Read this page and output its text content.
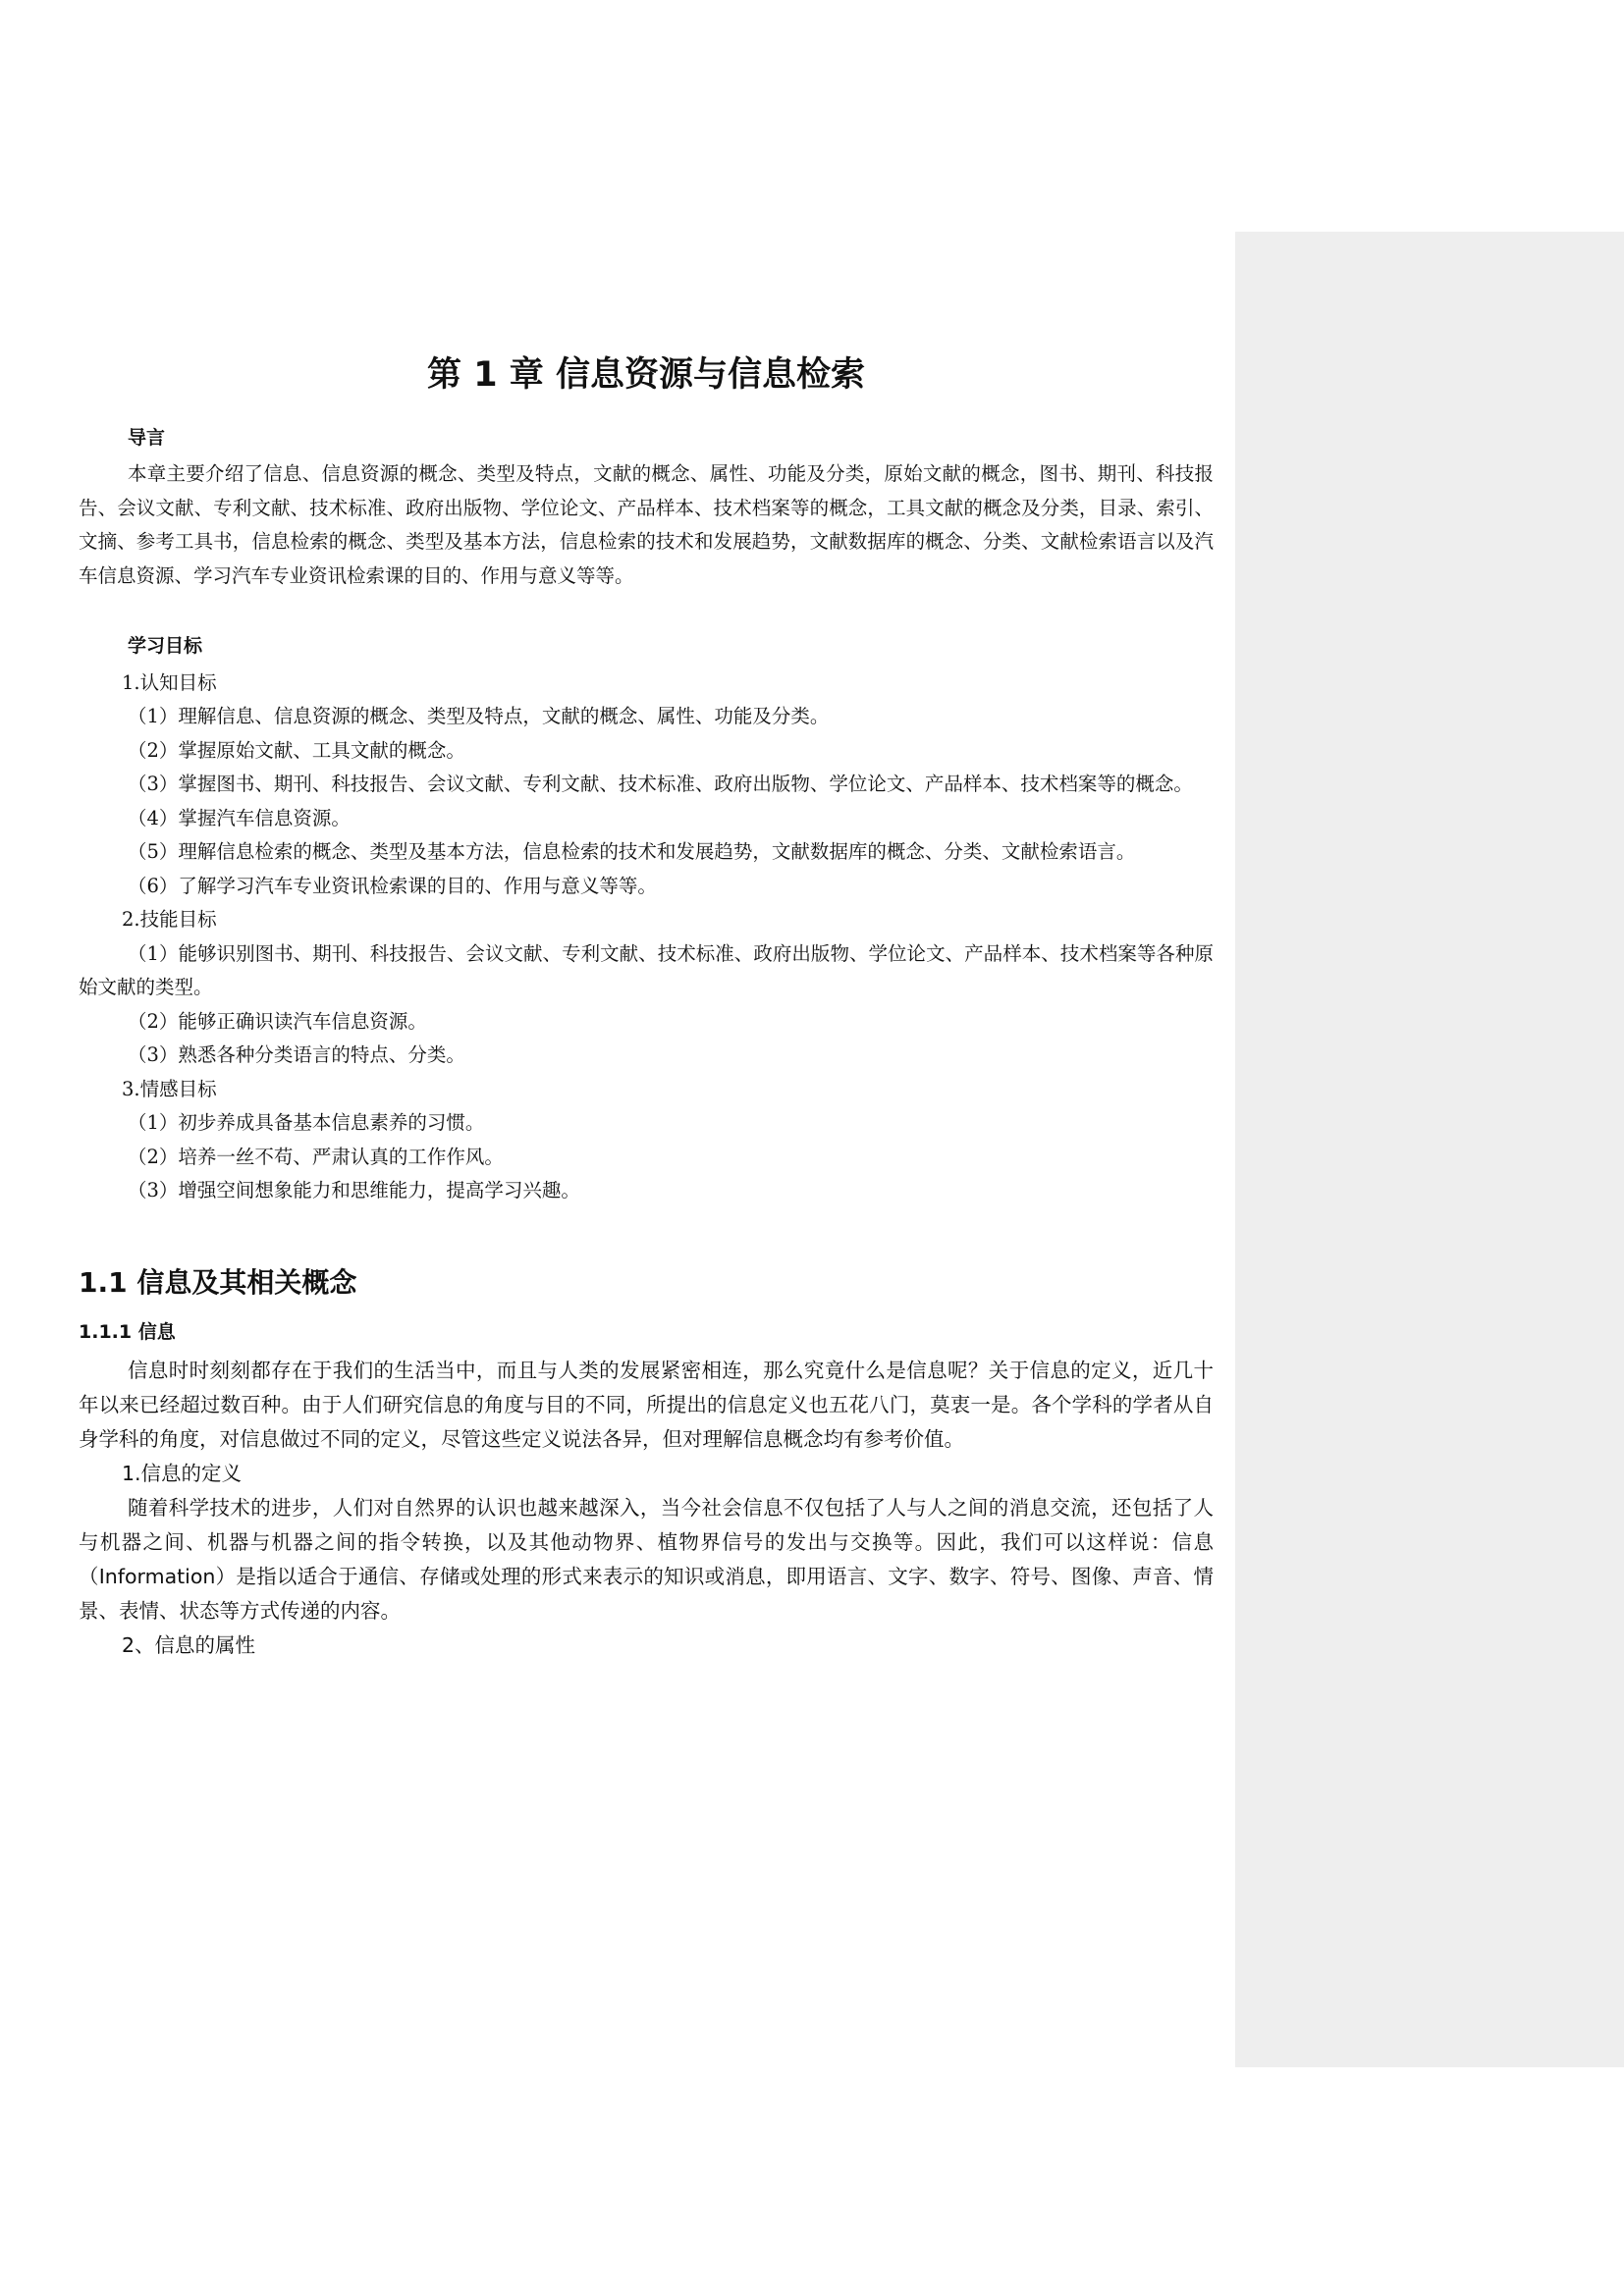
第 1 章 信息资源与信息检索
导言

本章主要介绍了信息、信息资源的概念、类型及特点，文献的概念、属性、功能及分类，原始文献的概念，图书、期刊、科技报告、会议文献、专利文献、技术标准、政府出版物、学位论文、产品样本、技术档案等的概念，工具文献的概念及分类，目录、索引、文摘、参考工具书，信息检索的概念、类型及基本方法，信息检索的技术和发展趋势，文献数据库的概念、分类、文献检索语言以及汽车信息资源、学习汽车专业资讯检索课的目的、作用与意义等等。

学习目标

1.认知目标

（1）理解信息、信息资源的概念、类型及特点，文献的概念、属性、功能及分类。

（2）掌握原始文献、工具文献的概念。

（3）掌握图书、期刊、科技报告、会议文献、专利文献、技术标准、政府出版物、学位论文、产品样本、技术档案等的概念。

（4）掌握汽车信息资源。

（5）理解信息检索的概念、类型及基本方法，信息检索的技术和发展趋势，文献数据库的概念、分类、文献检索语言。

（6）了解学习汽车专业资讯检索课的目的、作用与意义等等。

2.技能目标

（1）能够识别图书、期刊、科技报告、会议文献、专利文献、技术标准、政府出版物、学位论文、产品样本、技术档案等各种原始文献的类型。

（2）能够正确识读汽车信息资源。

（3）熟悉各种分类语言的特点、分类。

3.情感目标

（1）初步养成具备基本信息素养的习惯。

（2）培养一丝不苟、严肃认真的工作作风。

（3）增强空间想象能力和思维能力，提高学习兴趣。

1.1 信息及其相关概念
1.1.1 信息

信息时时刻刻都存在于我们的生活当中，而且与人类的发展紧密相连，那么究竟什么是信息呢？关于信息的定义，近几十年以来已经超过数百种。由于人们研究信息的角度与目的不同，所提出的信息定义也五花八门，莫衷一是。各个学科的学者从自身学科的角度，对信息做过不同的定义，尽管这些定义说法各异，但对理解信息概念均有参考价值。

1.信息的定义

随着科学技术的进步，人们对自然界的认识也越来越深入，当今社会信息不仅包括了人与人之间的消息交流，还包括了人与机器之间、机器与机器之间的指令转换，以及其他动物界、植物界信号的发出与交换等。因此，我们可以这样说：信息（Information）是指以适合于通信、存储或处理的形式来表示的知识或消息，即用语言、文字、数字、符号、图像、声音、情景、表情、状态等方式传递的内容。

2、信息的属性
